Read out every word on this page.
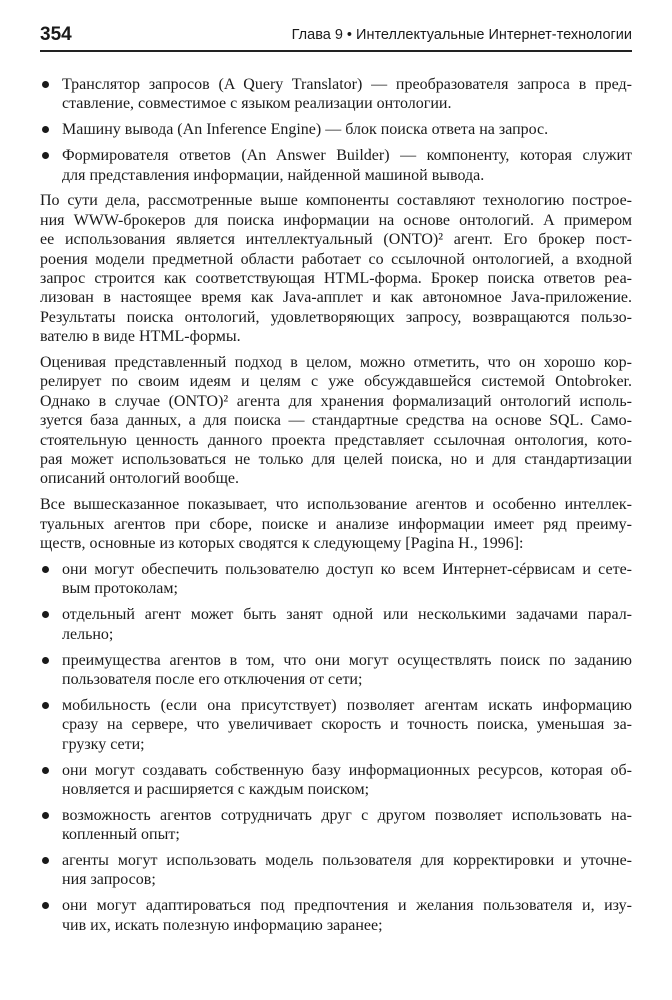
354	Глава 9 • Интеллектуальные Интернет-технологии
Транслятор запросов (A Query Translator) — преобразователя запроса в пред-
ставление, совместимое с языком реализации онтологии.
Машину вывода (An Inference Engine) — блок поиска ответа на запрос.
Формирователя ответов (An Answer Builder) — компоненту, которая служит
для представления информации, найденной машиной вывода.
По сути дела, рассмотренные выше компоненты составляют технологию построе-
ния WWW-брокеров для поиска информации на основе онтологий. А примером
ее использования является интеллектуальный (ONTO)² агент. Его брокер пост-
роения модели предметной области работает со ссылочной онтологией, а входной
запрос строится как соответствующая HTML-форма. Брокер поиска ответов реа-
лизован в настоящее время как Java-апплет и как автономное Java-приложение.
Результаты поиска онтологий, удовлетворяющих запросу, возвращаются пользо-
вателю в виде HTML-формы.
Оценивая представленный подход в целом, можно отметить, что он хорошо кор-
релирует по своим идеям и целям с уже обсуждавшейся системой Ontobroker.
Однако в случае (ONTO)² агента для хранения формализаций онтологий исполь-
зуется база данных, а для поиска — стандартные средства на основе SQL. Само-
стоятельную ценность данного проекта представляет ссылочная онтология, кото-
рая может использоваться не только для целей поиска, но и для стандартизации
описаний онтологий вообще.
Все вышесказанное показывает, что использование агентов и особенно интеллек-
туальных агентов при сборе, поиске и анализе информации имеет ряд преиму-
ществ, основные из которых сводятся к следующему [Pagina H., 1996]:
они могут обеспечить пользователю доступ ко всем Интернет-сéрвисам и сете-
вым протоколам;
отдельный агент может быть занят одной или несколькими задачами парал-
лельно;
преимущества агентов в том, что они могут осуществлять поиск по заданию
пользователя после его отключения от сети;
мобильность (если она присутствует) позволяет агентам искать информацию
сразу на сервере, что увеличивает скорость и точность поиска, уменьшая за-
грузку сети;
они могут создавать собственную базу информационных ресурсов, которая об-
новляется и расширяется с каждым поиском;
возможность агентов сотрудничать друг с другом позволяет использовать на-
копленный опыт;
агенты могут использовать модель пользователя для корректировки и уточне-
ния запросов;
они могут адаптироваться под предпочтения и желания пользователя и, изу-
чив их, искать полезную информацию заранее;
